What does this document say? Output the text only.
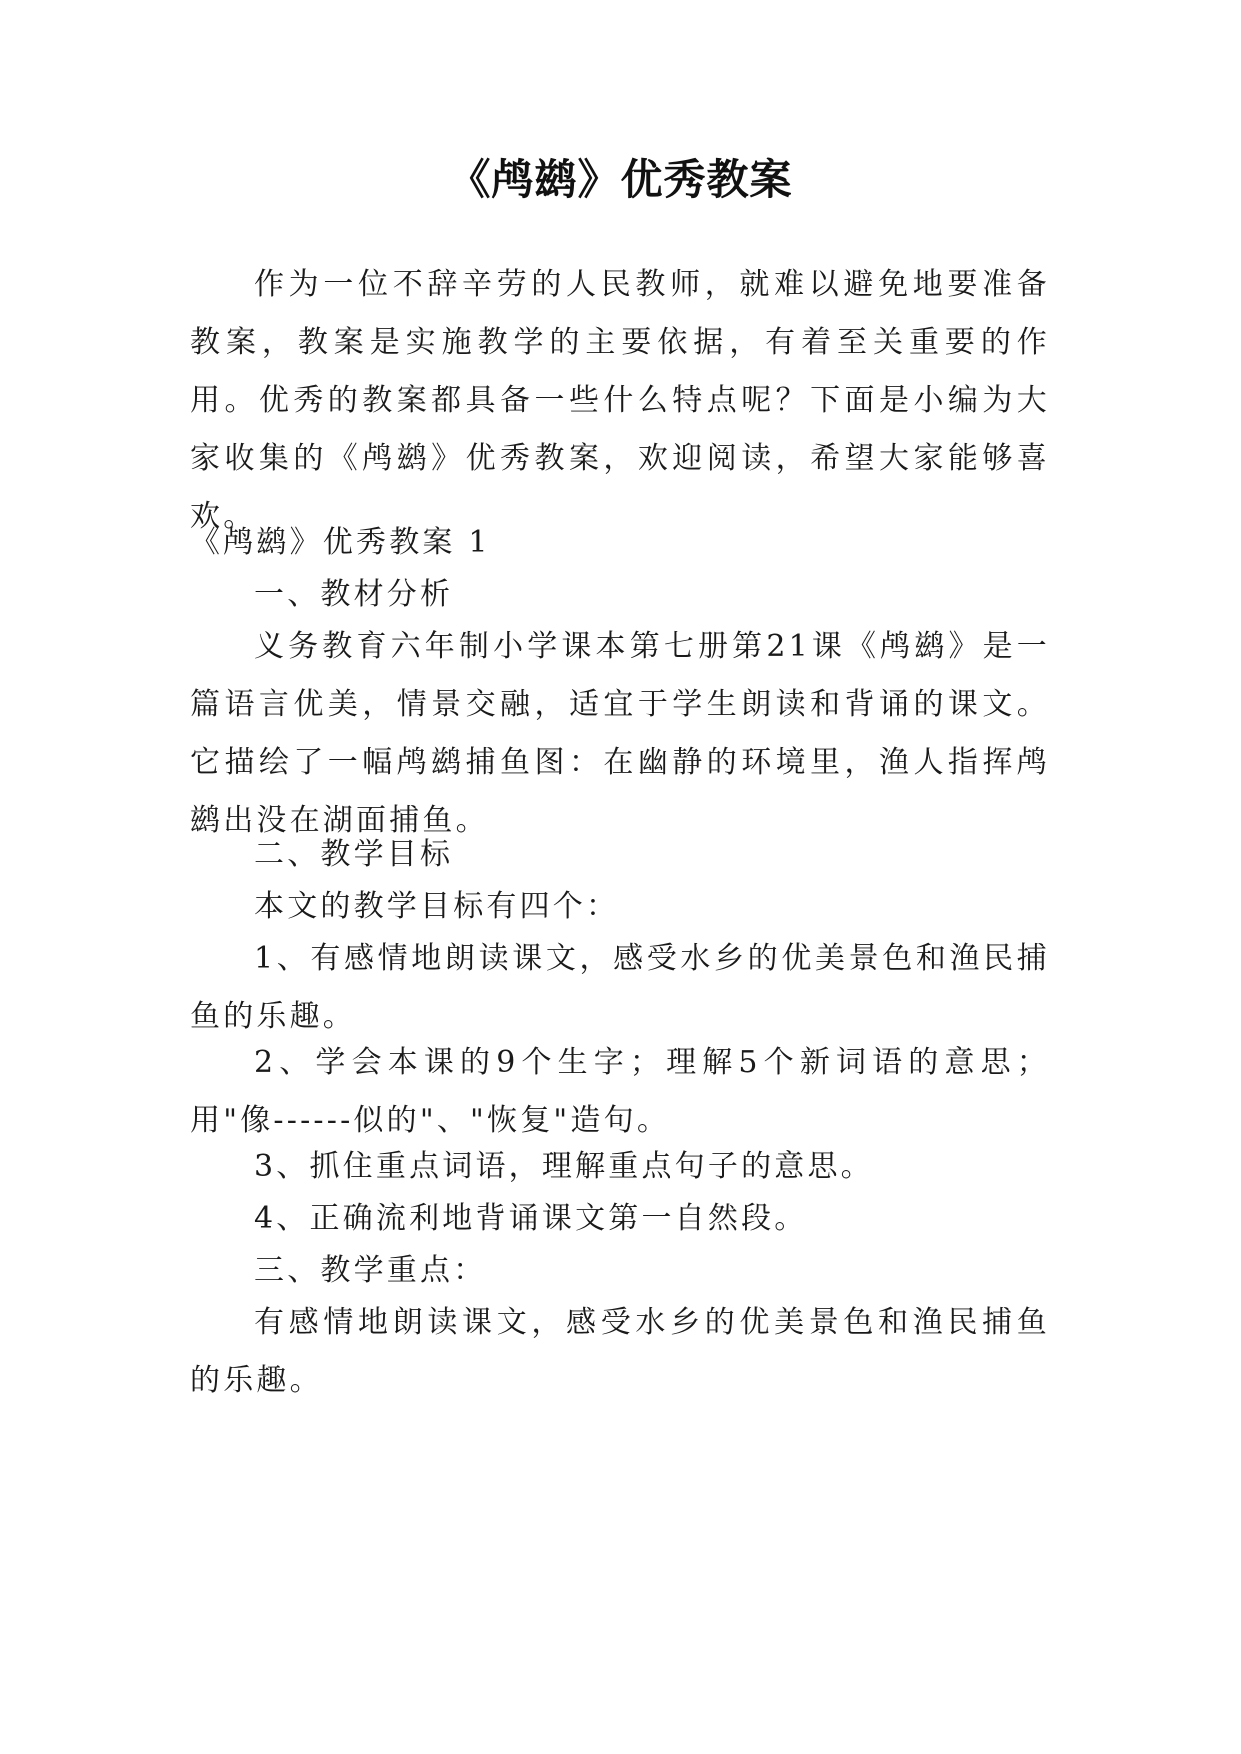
《鸬鹚》优秀教案

作为一位不辞辛劳的人民教师，就难以避免地要准备教案，教案是实施教学的主要依据，有着至关重要的作用。优秀的教案都具备一些什么特点呢？下面是小编为大家收集的《鸬鹚》优秀教案，欢迎阅读，希望大家能够喜欢。

《鸬鹚》优秀教案 1

一、教材分析

义务教育六年制小学课本第七册第21课《鸬鹚》是一篇语言优美，情景交融，适宜于学生朗读和背诵的课文。它描绘了一幅鸬鹚捕鱼图：在幽静的环境里，渔人指挥鸬鹚出没在湖面捕鱼。

二、教学目标

本文的教学目标有四个：

1、有感情地朗读课文，感受水乡的优美景色和渔民捕鱼的乐趣。

2、学会本课的9个生字；理解5个新词语的意思；用"像------似的"、"恢复"造句。

3、抓住重点词语，理解重点句子的意思。

4、正确流利地背诵课文第一自然段。

三、教学重点：

有感情地朗读课文，感受水乡的优美景色和渔民捕鱼的乐趣。
